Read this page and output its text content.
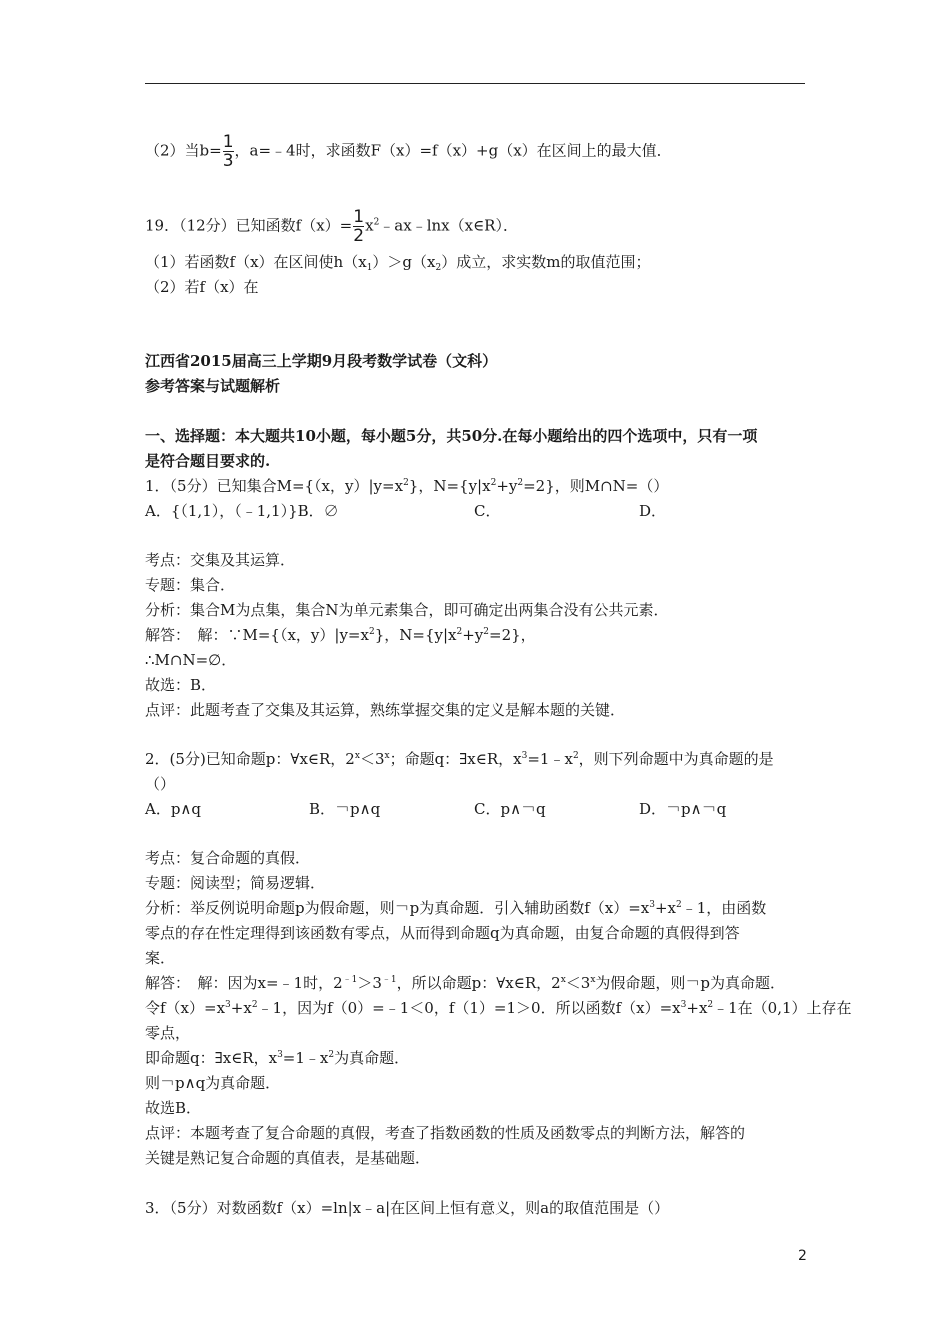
（2）当$b= \frac{1}{3}$ ，a=﹣4时，求函数F（x）=f（x）+g（x）在区间上的最大值．
19．（12分）已知函数$f(x)= \frac{1}{2}$ $x^2﹣ax﹣\ln x(x\in R)$．
（1）若函数f（x）在区间使$h(x_1)>g(x_2)$成立，求实数m的取值范围；
（2）若f（x）在
江西省2015届高三上学期9月段考数学试卷（文科）
参考答案与试题解析
一、选择题：本大题共10小题，每小题5分，共50分.在每小题给出的四个选项中，只有一项
是符合题目要求的.
1．（5分）已知集合M={（x，$y)|y=x^2$}，$N=\{y|x^2+y^2=2\}$，则M∩N=（）
A．{（1,1），（﹣1,1）}B．∅	C．	D．
考点：交集及其运算．
专题：集合．
分析：集合M为点集，集合N为单元素集合，即可确定出两集合没有公共元素．
解答：　解：∵M={（x，$y)|y=x^2$}，$N=\{y|x^2+y^2=2\}$，
∴M∩N=∅．
故选：B．
点评：此题考查了交集及其运算，熟练掌握交集的定义是解本题的关键．
2．(5分)已知命题p：∀x∈R，$2^x<3^x$；命题q：∃x∈R，$x^3=1﹣x^2$，则下列命题中为真命题的是
（）
A．p∧q	B．￢p∧q	C．p∧￢q	D．￢p∧￢q
考点：复合命题的真假．
专题：阅读型；简易逻辑．
分析：举反例说明命题p为假命题，则￢p为真命题．引入辅助函数$f(x)=x^3+x^2﹣1$，由函数
零点的存在性定理得到该函数有零点，从而得到命题q为真命题，由复合命题的真假得到答
案．
解答：　解：因为x=﹣1时，$2^{﹣1}>3^{﹣1}$，所以命题p：∀x∈R，$2^x<3^x$为假命题，则￢p为真命题．
令$f(x)=x^3+x^2﹣1$，因为f（0）=﹣1＜0，f（1）=1＞0．所以函数$f(x)=x^3+x^2﹣1$在（0,1）上存在
零点，
即命题q：∃x∈R，$x^3=1﹣x^2$为真命题．
则￢p∧q为真命题．
故选B．
点评：本题考查了复合命题的真假，考查了指数函数的性质及函数零点的判断方法，解答的
关键是熟记复合命题的真值表，是基础题．
3．（5分）对数函数f（x）=ln|x﹣a|在区间上恒有意义，则a的取值范围是（）
2
